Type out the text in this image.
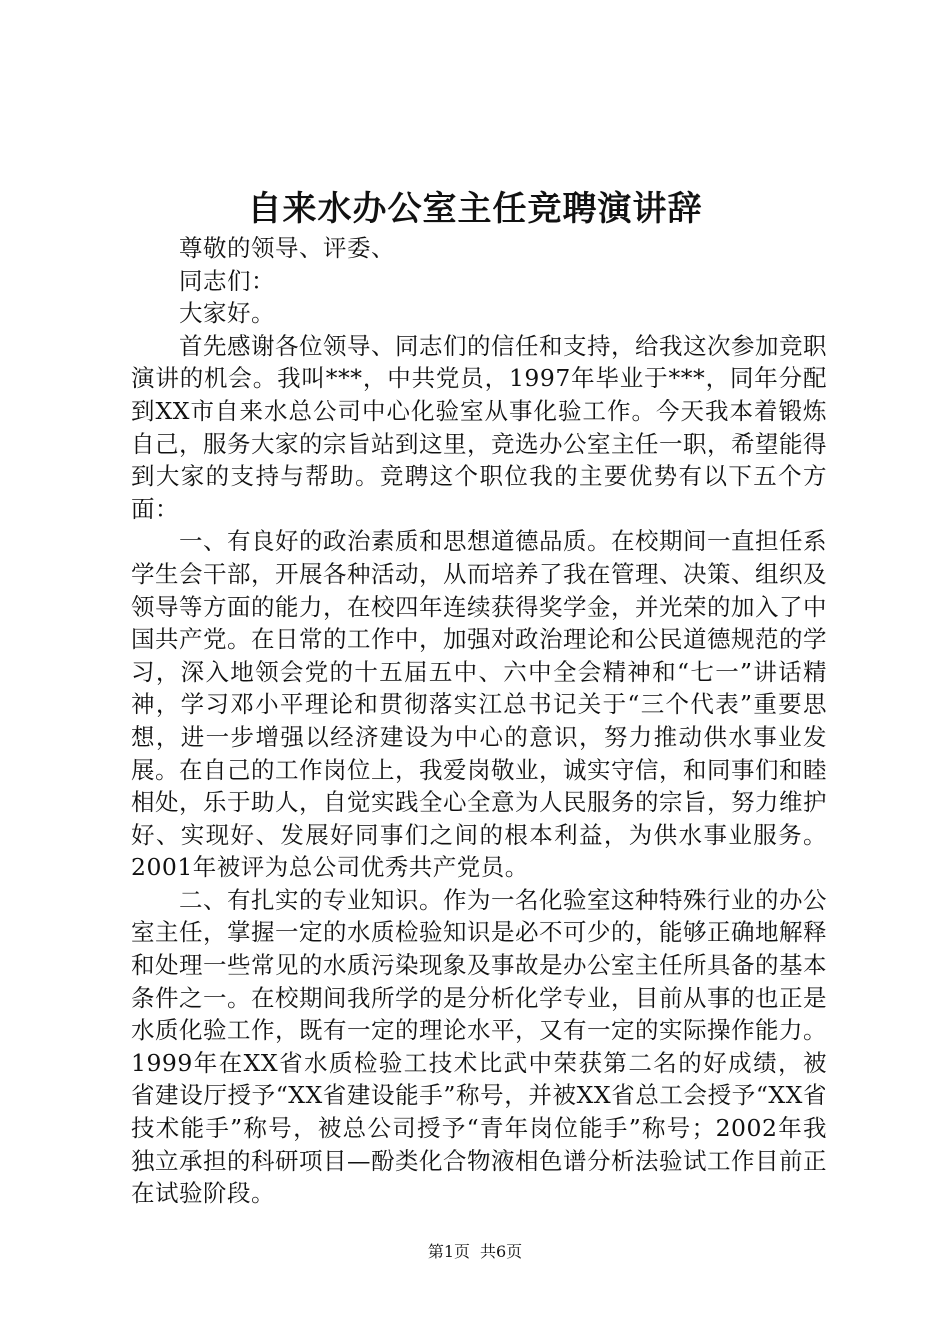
自来水办公室主任竞聘演讲辞

尊敬的领导、评委、

同志们：

大家好。

首先感谢各位领导、同志们的信任和支持，给我这次参加竞职演讲的机会。我叫***，中共党员，1997年毕业于***，同年分配到XX市自来水总公司中心化验室从事化验工作。今天我本着锻炼自己，服务大家的宗旨站到这里，竞选办公室主任一职，希望能得到大家的支持与帮助。竞聘这个职位我的主要优势有以下五个方面：

一、有良好的政治素质和思想道德品质。在校期间一直担任系学生会干部，开展各种活动，从而培养了我在管理、决策、组织及领导等方面的能力，在校四年连续获得奖学金，并光荣的加入了中国共产党。在日常的工作中，加强对政治理论和公民道德规范的学习，深入地领会党的十五届五中、六中全会精神和“七一”讲话精神，学习邓小平理论和贯彻落实江总书记关于“三个代表”重要思想，进一步增强以经济建设为中心的意识，努力推动供水事业发展。在自己的工作岗位上，我爱岗敬业，诚实守信，和同事们和睦相处，乐于助人，自觉实践全心全意为人民服务的宗旨，努力维护好、实现好、发展好同事们之间的根本利益，为供水事业服务。2001年被评为总公司优秀共产党员。

二、有扎实的专业知识。作为一名化验室这种特殊行业的办公室主任，掌握一定的水质检验知识是必不可少的，能够正确地解释和处理一些常见的水质污染现象及事故是办公室主任所具备的基本条件之一。在校期间我所学的是分析化学专业，目前从事的也正是水质化验工作，既有一定的理论水平，又有一定的实际操作能力。1999年在XX省水质检验工技术比武中荣获第二名的好成绩，被省建设厅授予“XX省建设能手”称号，并被XX省总工会授予“XX省技术能手”称号，被总公司授予“青年岗位能手”称号；2002年我独立承担的科研项目—酚类化合物液相色谱分析法验试工作目前正在试验阶段。

第1页 共6页
